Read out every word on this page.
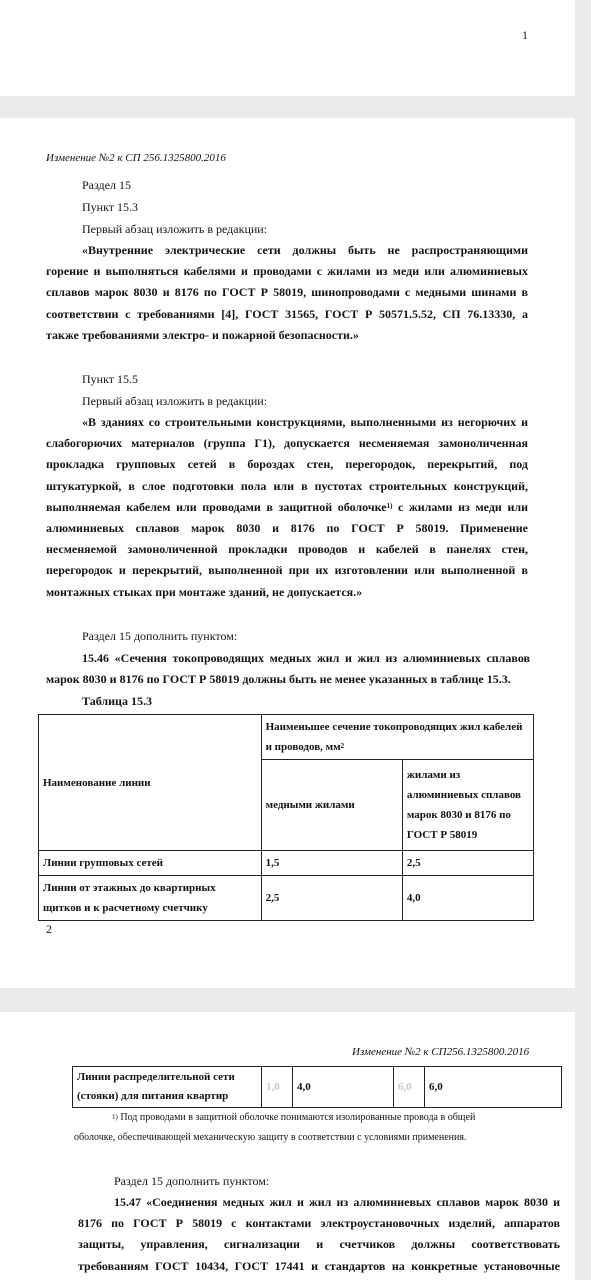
1
Изменение №2 к СП 256.1325800.2016
Раздел 15
Пункт 15.3
Первый абзац изложить в редакции:
«Внутренние электрические сети должны быть не распространяющими
горение и выполняться кабелями и проводами с жилами из меди или алюминиевых
сплавов марок 8030 и 8176 по ГОСТ Р 58019, шинопроводами с медными шинами в
соответствии с требованиями [4], ГОСТ 31565, ГОСТ Р 50571.5.52, СП 76.13330, а
также требованиями электро- и пожарной безопасности.»
Пункт 15.5
Первый абзац изложить в редакции:
«В зданиях со строительными конструкциями, выполненными из негорючих и
слабогорючих материалов (группа Г1), допускается несменяемая замоноличенная
прокладка групповых сетей в бороздах стен, перегородок, перекрытий, под
штукатуркой, в слое подготовки пола или в пустотах строительных конструкций,
выполняемая кабелем или проводами в защитной оболочке$^{1)}$ с жилами из меди или
алюминиевых сплавов марок 8030 и 8176 по ГОСТ Р 58019. Применение
несменяемой замоноличенной прокладки проводов и кабелей в панелях стен,
перегородок и перекрытий, выполненной при их изготовлении или выполненной в
монтажных стыках при монтаже зданий, не допускается.»
Раздел 15 дополнить пунктом:
15.46 «Сечения токопроводящих медных жил и жил из алюминиевых сплавов
марок 8030 и 8176 по ГОСТ Р 58019 должны быть не менее указанных в таблице 15.3.
Таблица 15.3
Наименование линии	Наименьшее сечение токопроводящих жил кабелей и проводов, $мм^2$
	медными жилами	жилами из алюминиевых сплавов марок 8030 и 8176 по ГОСТ Р 58019
Линии групповых сетей	1,5	2,5
Линии от этажных до квартирных щитков и к расчетному счетчику	2,5	4,0
2
Изменение №2 к СП256.1325800.2016
Линии распределительной сети (стояки) для питания квартир	1,0	4,0	6,0	6,0
$^{1)}$ Под проводами в защитной оболочке понимаются изолированные провода в общей
оболочке, обеспечивающей механическую защиту в соответствии с условиями применения.
Раздел 15 дополнить пунктом:
15.47 «Соединения медных жил и жил из алюминиевых сплавов марок 8030 и
8176 по ГОСТ Р 58019 с контактами электроустановочных изделий, аппаратов
защиты, управления, сигнализации и счетчиков должны соответствовать
требованиям ГОСТ 10434, ГОСТ 17441 и стандартов на конкретные установочные
